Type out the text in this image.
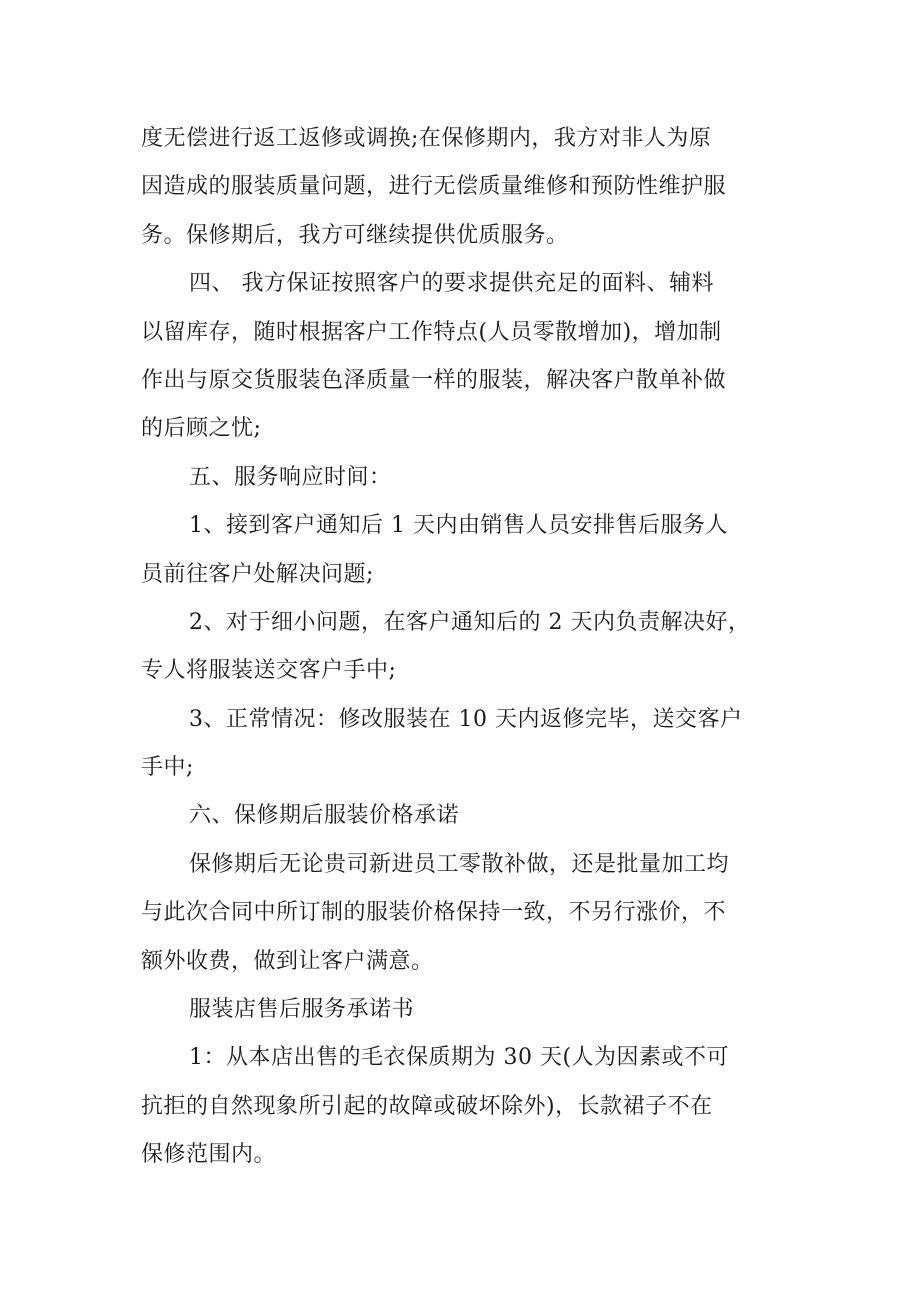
度无偿进行返工返修或调换;在保修期内，我方对非人为原
因造成的服装质量问题，进行无偿质量维修和预防性维护服
务。保修期后，我方可继续提供优质服务。
四、 我方保证按照客户的要求提供充足的面料、辅料
以留库存，随时根据客户工作特点(人员零散增加)，增加制
作出与原交货服装色泽质量一样的服装，解决客户散单补做
的后顾之忧;
五、服务响应时间：
1、接到客户通知后 1 天内由销售人员安排售后服务人
员前往客户处解决问题;
2、对于细小问题，在客户通知后的 2 天内负责解决好，
专人将服装送交客户手中;
3、正常情况：修改服装在 10 天内返修完毕，送交客户
手中;
六、保修期后服装价格承诺
保修期后无论贵司新进员工零散补做，还是批量加工均
与此次合同中所订制的服装价格保持一致，不另行涨价，不
额外收费，做到让客户满意。
服装店售后服务承诺书
1：从本店出售的毛衣保质期为 30 天(人为因素或不可
抗拒的自然现象所引起的故障或破坏除外)，长款裙子不在
保修范围内。
